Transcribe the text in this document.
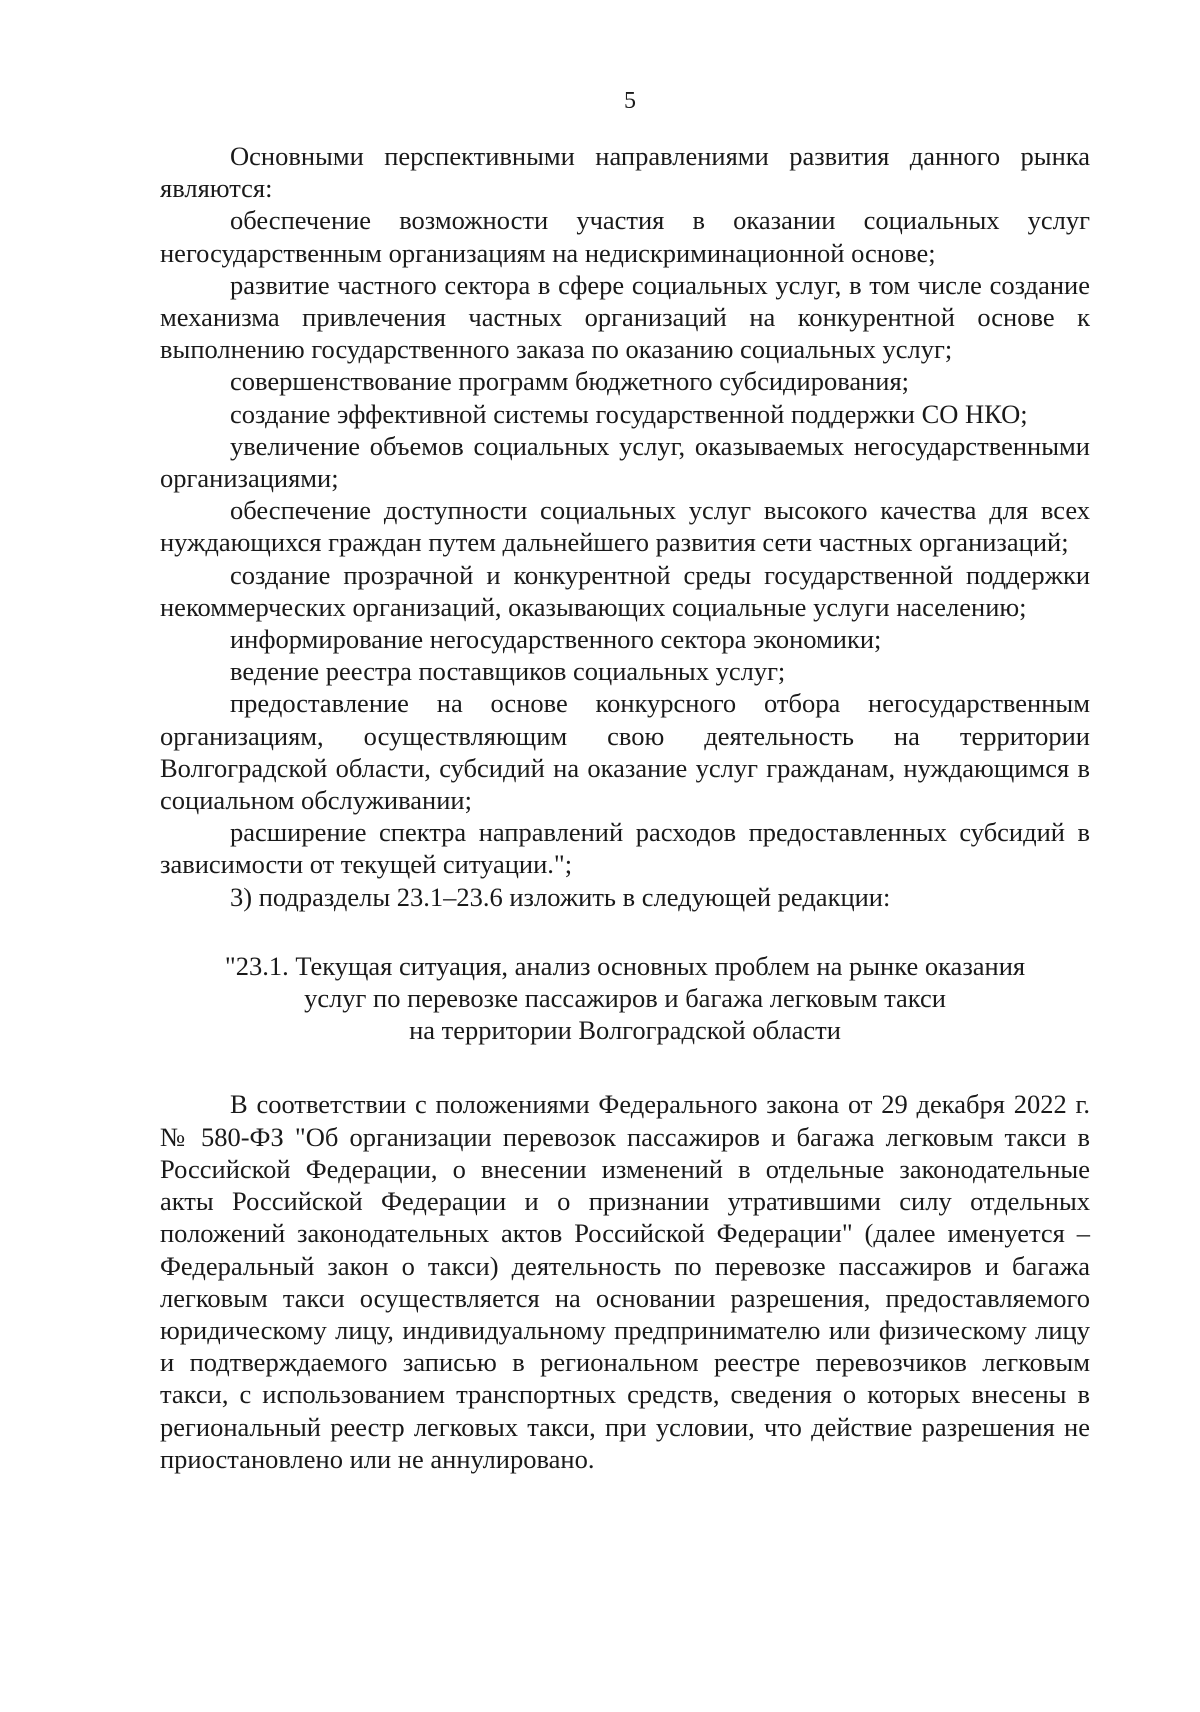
5

Основными перспективными направлениями развития данного рынка являются:

обеспечение возможности участия в оказании социальных услуг негосударственным организациям на недискриминационной основе;

развитие частного сектора в сфере социальных услуг, в том числе создание механизма привлечения частных организаций на конкурентной основе к выполнению государственного заказа по оказанию социальных услуг;

совершенствование программ бюджетного субсидирования;

создание эффективной системы государственной поддержки СО НКО;

увеличение объемов социальных услуг, оказываемых негосударственными организациями;

обеспечение доступности социальных услуг высокого качества для всех нуждающихся граждан путем дальнейшего развития сети частных организаций;

создание прозрачной и конкурентной среды государственной поддержки некоммерческих организаций, оказывающих социальные услуги населению;

информирование негосударственного сектора экономики;

ведение реестра поставщиков социальных услуг;

предоставление на основе конкурсного отбора негосударственным организациям, осуществляющим свою деятельность на территории Волгоградской области, субсидий на оказание услуг гражданам, нуждающимся в социальном обслуживании;

расширение спектра направлений расходов предоставленных субсидий в зависимости от текущей ситуации.";

3) подразделы 23.1–23.6 изложить в следующей редакции:

"23.1. Текущая ситуация, анализ основных проблем на рынке оказания
услуг по перевозке пассажиров и багажа легковым такси
на территории Волгоградской области

В соответствии с положениями Федерального закона от 29 декабря 2022 г. № 580-ФЗ "Об организации перевозок пассажиров и багажа легковым такси в Российской Федерации, о внесении изменений в отдельные законодательные акты Российской Федерации и о признании утратившими силу отдельных положений законодательных актов Российской Федерации" (далее именуется – Федеральный закон о такси) деятельность по перевозке пассажиров и багажа легковым такси осуществляется на основании разрешения, предоставляемого юридическому лицу, индивидуальному предпринимателю или физическому лицу и подтверждаемого записью в региональном реестре перевозчиков легковым такси, с использованием транспортных средств, сведения о которых внесены в региональный реестр легковых такси, при условии, что действие разрешения не приостановлено или не аннулировано.
